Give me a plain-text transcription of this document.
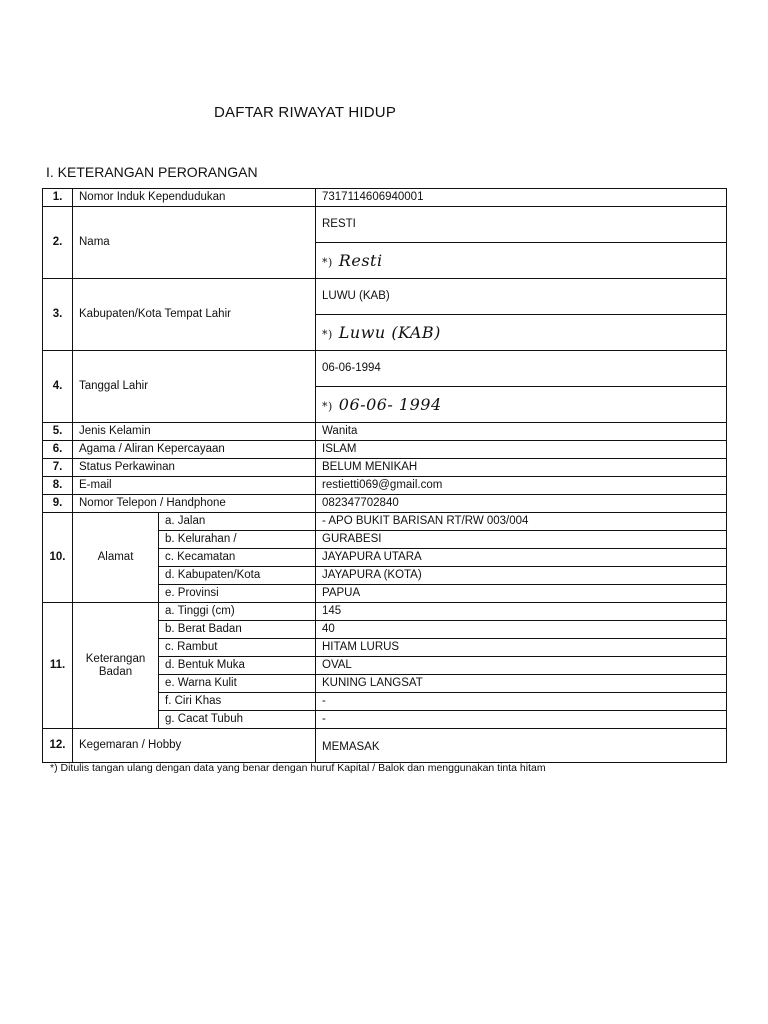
DAFTAR RIWAYAT HIDUP
I. KETERANGAN PERORANGAN
1.	Nomor Induk Kependudukan		7317114606940001
2.	Nama		RESTI
			*) Resti
3.	Kabupaten/Kota Tempat Lahir		LUWU (KAB)
			*) Luwu (KAB)
4.	Tanggal Lahir		06-06-1994
			*) 06-06- 1994
5.	Jenis Kelamin		Wanita
6.	Agama / Aliran Kepercayaan		ISLAM
7.	Status Perkawinan		BELUM MENIKAH
8.	E-mail		restietti069@gmail.com
9.	Nomor Telepon / Handphone		082347702840
10.	Alamat	a. Jalan	- APO BUKIT BARISAN RT/RW 003/004
		b. Kelurahan /	GURABESI
		c. Kecamatan	JAYAPURA UTARA
		d. Kabupaten/Kota	JAYAPURA (KOTA)
		e. Provinsi	PAPUA
11.	Keterangan
Badan	a. Tinggi (cm)	145
		b. Berat Badan	40
		c. Rambut	HITAM LURUS
		d. Bentuk Muka	OVAL
		e. Warna Kulit	KUNING LANGSAT
		f. Ciri Khas	-
		g. Cacat Tubuh	-
12.	Kegemaran / Hobby		MEMASAK
*) Ditulis tangan ulang dengan data yang benar dengan huruf Kapital / Balok dan menggunakan tinta hitam
